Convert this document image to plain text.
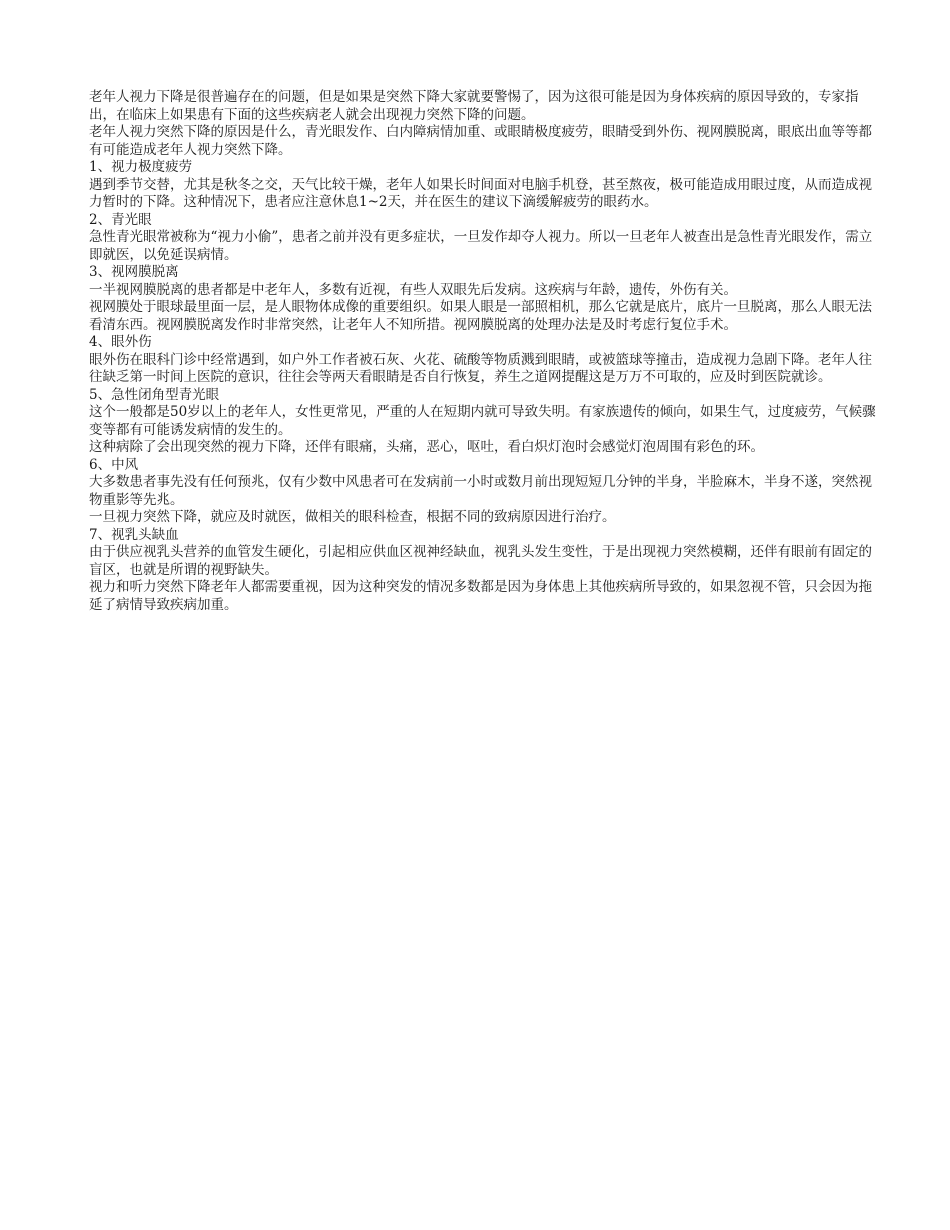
老年人视力下降是很普遍存在的问题，但是如果是突然下降大家就要警惕了，因为这很可能是因为身体疾病的原因导致的，专家指出，在临床上如果患有下面的这些疾病老人就会出现视力突然下降的问题。

老年人视力突然下降的原因是什么，青光眼发作、白内障病情加重、或眼睛极度疲劳，眼睛受到外伤、视网膜脱离，眼底出血等等都有可能造成老年人视力突然下降。

1、视力极度疲劳

遇到季节交替，尤其是秋冬之交，天气比较干燥，老年人如果长时间面对电脑手机登，甚至熬夜，极可能造成用眼过度，从而造成视力暂时的下降。这种情况下，患者应注意休息1~2天，并在医生的建议下滴缓解疲劳的眼药水。

2、青光眼

急性青光眼常被称为“视力小偷”，患者之前并没有更多症状，一旦发作却夺人视力。所以一旦老年人被查出是急性青光眼发作，需立即就医，以免延误病情。

3、视网膜脱离

一半视网膜脱离的患者都是中老年人，多数有近视，有些人双眼先后发病。这疾病与年龄，遗传，外伤有关。

视网膜处于眼球最里面一层，是人眼物体成像的重要组织。如果人眼是一部照相机，那么它就是底片，底片一旦脱离，那么人眼无法看清东西。视网膜脱离发作时非常突然，让老年人不知所措。视网膜脱离的处理办法是及时考虑行复位手术。

4、眼外伤

眼外伤在眼科门诊中经常遇到，如户外工作者被石灰、火花、硫酸等物质溅到眼睛，或被篮球等撞击，造成视力急剧下降。老年人往往缺乏第一时间上医院的意识，往往会等两天看眼睛是否自行恢复，养生之道网提醒这是万万不可取的，应及时到医院就诊。

5、急性闭角型青光眼

这个一般都是50岁以上的老年人，女性更常见，严重的人在短期内就可导致失明。有家族遗传的倾向，如果生气，过度疲劳，气候骤变等都有可能诱发病情的发生的。

这种病除了会出现突然的视力下降，还伴有眼痛，头痛，恶心，呕吐，看白炽灯泡时会感觉灯泡周围有彩色的环。

6、中风

大多数患者事先没有任何预兆，仅有少数中风患者可在发病前一小时或数月前出现短短几分钟的半身，半脸麻木，半身不遂，突然视物重影等先兆。

一旦视力突然下降，就应及时就医，做相关的眼科检查，根据不同的致病原因进行治疗。

7、视乳头缺血

由于供应视乳头营养的血管发生硬化，引起相应供血区视神经缺血，视乳头发生变性，于是出现视力突然模糊，还伴有眼前有固定的盲区，也就是所谓的视野缺失。

视力和听力突然下降老年人都需要重视，因为这种突发的情况多数都是因为身体患上其他疾病所导致的，如果忽视不管，只会因为拖延了病情导致疾病加重。
